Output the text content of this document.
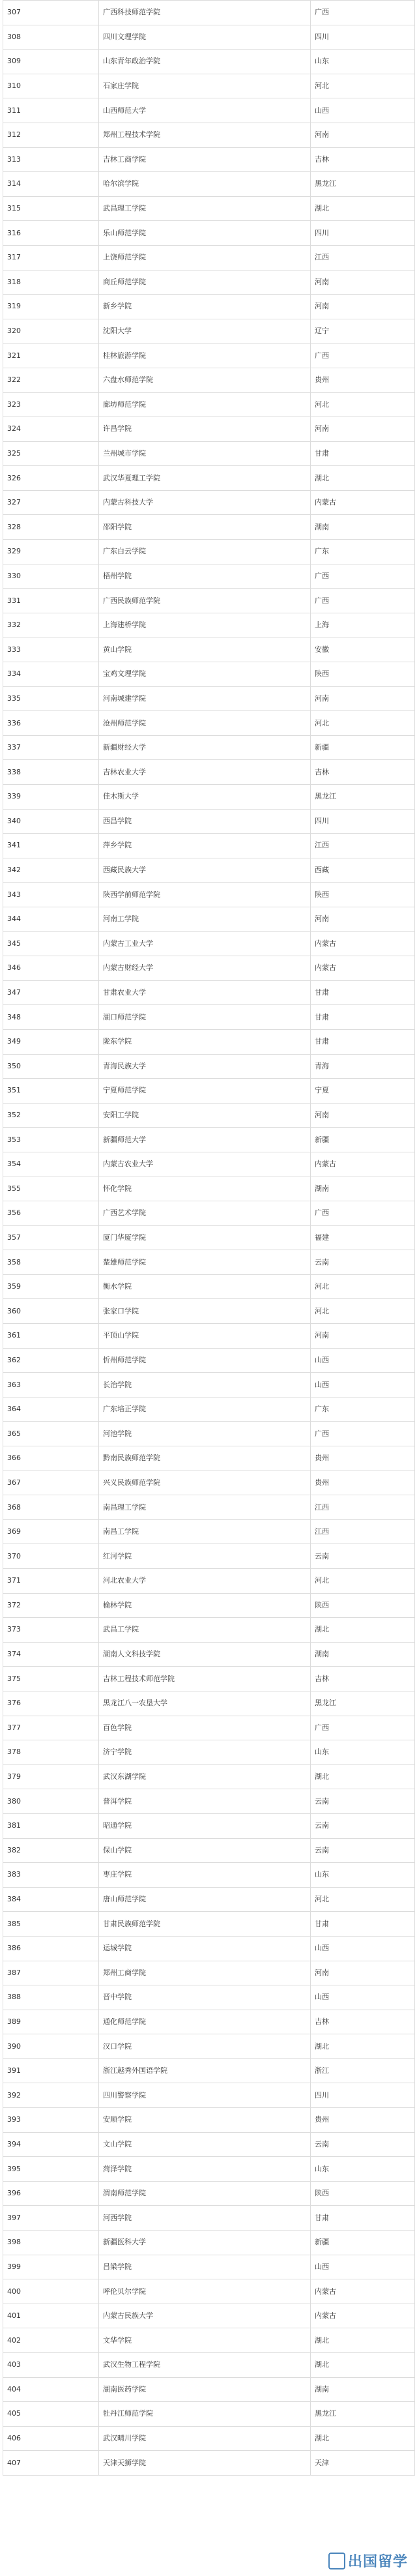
307	广西科技师范学院	广西
308	四川文理学院	四川
309	山东青年政治学院	山东
310	石家庄学院	河北
311	山西师范大学	山西
312	郑州工程技术学院	河南
313	吉林工商学院	吉林
314	哈尔滨学院	黑龙江
315	武昌理工学院	湖北
316	乐山师范学院	四川
317	上饶师范学院	江西
318	商丘师范学院	河南
319	新乡学院	河南
320	沈阳大学	辽宁
321	桂林旅游学院	广西
322	六盘水师范学院	贵州
323	廊坊师范学院	河北
324	许昌学院	河南
325	兰州城市学院	甘肃
326	武汉华夏理工学院	湖北
327	内蒙古科技大学	内蒙古
328	邵阳学院	湖南
329	广东白云学院	广东
330	梧州学院	广西
331	广西民族师范学院	广西
332	上海建桥学院	上海
333	黄山学院	安徽
334	宝鸡文理学院	陕西
335	河南城建学院	河南
336	沧州师范学院	河北
337	新疆财经大学	新疆
338	吉林农业大学	吉林
339	佳木斯大学	黑龙江
340	西昌学院	四川
341	萍乡学院	江西
342	西藏民族大学	西藏
343	陕西学前师范学院	陕西
344	河南工学院	河南
345	内蒙古工业大学	内蒙古
346	内蒙古财经大学	内蒙古
347	甘肃农业大学	甘肃
348	湖口师范学院	甘肃
349	陇东学院	甘肃
350	青海民族大学	青海
351	宁夏师范学院	宁夏
352	安阳工学院	河南
353	新疆师范大学	新疆
354	内蒙古农业大学	内蒙古
355	怀化学院	湖南
356	广西艺术学院	广西
357	厦门华厦学院	福建
358	楚雄师范学院	云南
359	衡水学院	河北
360	张家口学院	河北
361	平顶山学院	河南
362	忻州师范学院	山西
363	长治学院	山西
364	广东培正学院	广东
365	河池学院	广西
366	黔南民族师范学院	贵州
367	兴义民族师范学院	贵州
368	南昌理工学院	江西
369	南昌工学院	江西
370	红河学院	云南
371	河北农业大学	河北
372	榆林学院	陕西
373	武昌工学院	湖北
374	湖南人文科技学院	湖南
375	吉林工程技术师范学院	吉林
376	黑龙江八一农垦大学	黑龙江
377	百色学院	广西
378	济宁学院	山东
379	武汉东湖学院	湖北
380	普洱学院	云南
381	昭通学院	云南
382	保山学院	云南
383	枣庄学院	山东
384	唐山师范学院	河北
385	甘肃民族师范学院	甘肃
386	运城学院	山西
387	郑州工商学院	河南
388	晋中学院	山西
389	通化师范学院	吉林
390	汉口学院	湖北
391	浙江越秀外国语学院	浙江
392	四川警察学院	四川
393	安顺学院	贵州
394	文山学院	云南
395	菏泽学院	山东
396	渭南师范学院	陕西
397	河西学院	甘肃
398	新疆医科大学	新疆
399	吕梁学院	山西
400	呼伦贝尔学院	内蒙古
401	内蒙古民族大学	内蒙古
402	文华学院	湖北
403	武汉生物工程学院	湖北
404	湖南医药学院	湖南
405	牡丹江师范学院	黑龙江
406	武汉晴川学院	湖北
407	天津天狮学院	天津
出国留学
